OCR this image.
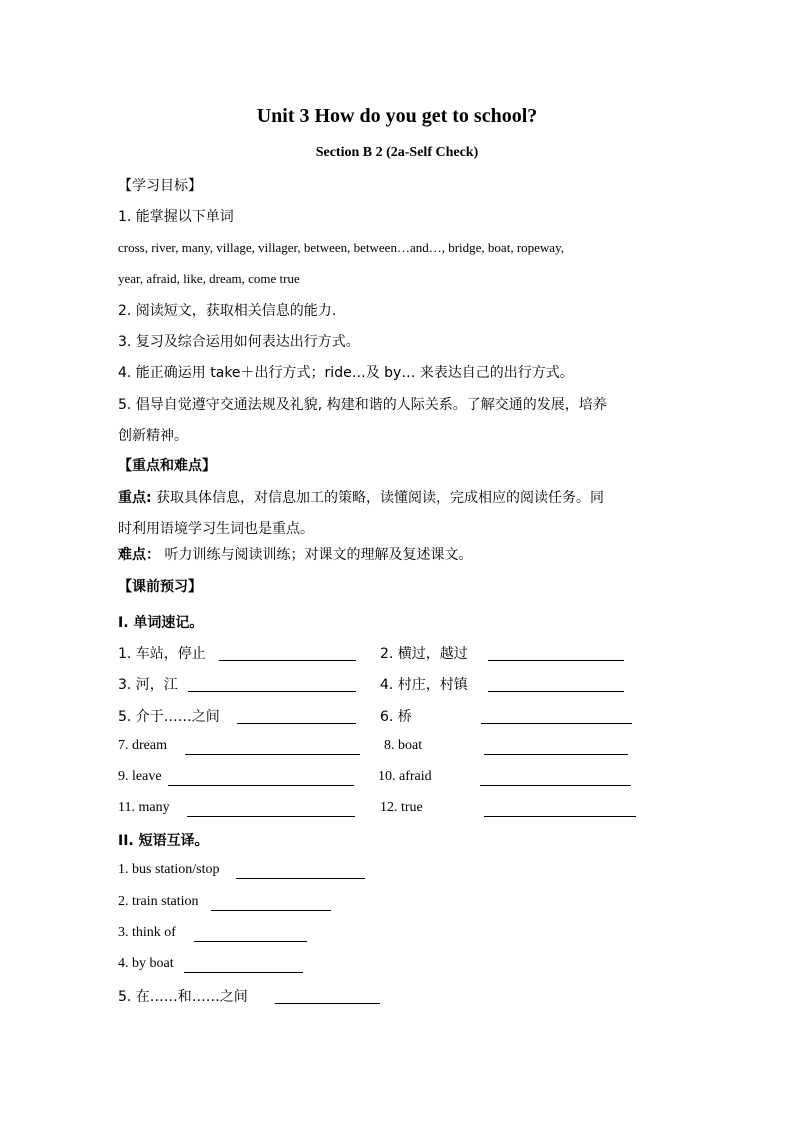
Unit 3 How do you get to school?
Section B 2 (2a-Self Check)
【学习目标】
1. 能掌握以下单词
cross, river, many, village, villager, between, between…and…, bridge, boat, ropeway,
year, afraid, like, dream, come true
2. 阅读短文，获取相关信息的能力.
3. 复习及综合运用如何表达出行方式。
4. 能正确运用 take＋出行方式；ride…及 by… 来表达自己的出行方式。
5. 倡导自觉遵守交通法规及礼貌, 构建和谐的人际关系。了解交通的发展，培养
创新精神。
【重点和难点】
重点: 获取具体信息，对信息加工的策略，读懂阅读，完成相应的阅读任务。同
时利用语境学习生词也是重点。
难点： 听力训练与阅读训练；对课文的理解及复述课文。
【课前预习】
I. 单词速记。
1. 车站，停止	2. 横过，越过
3. 河，江	4. 村庄，村镇
5. 介于……之间	6. 桥
7. dream	8. boat
9. leave	10. afraid
11. many	12. true
II. 短语互译。
1. bus station/stop
2. train station
3. think of
4. by boat
5. 在……和……之间
